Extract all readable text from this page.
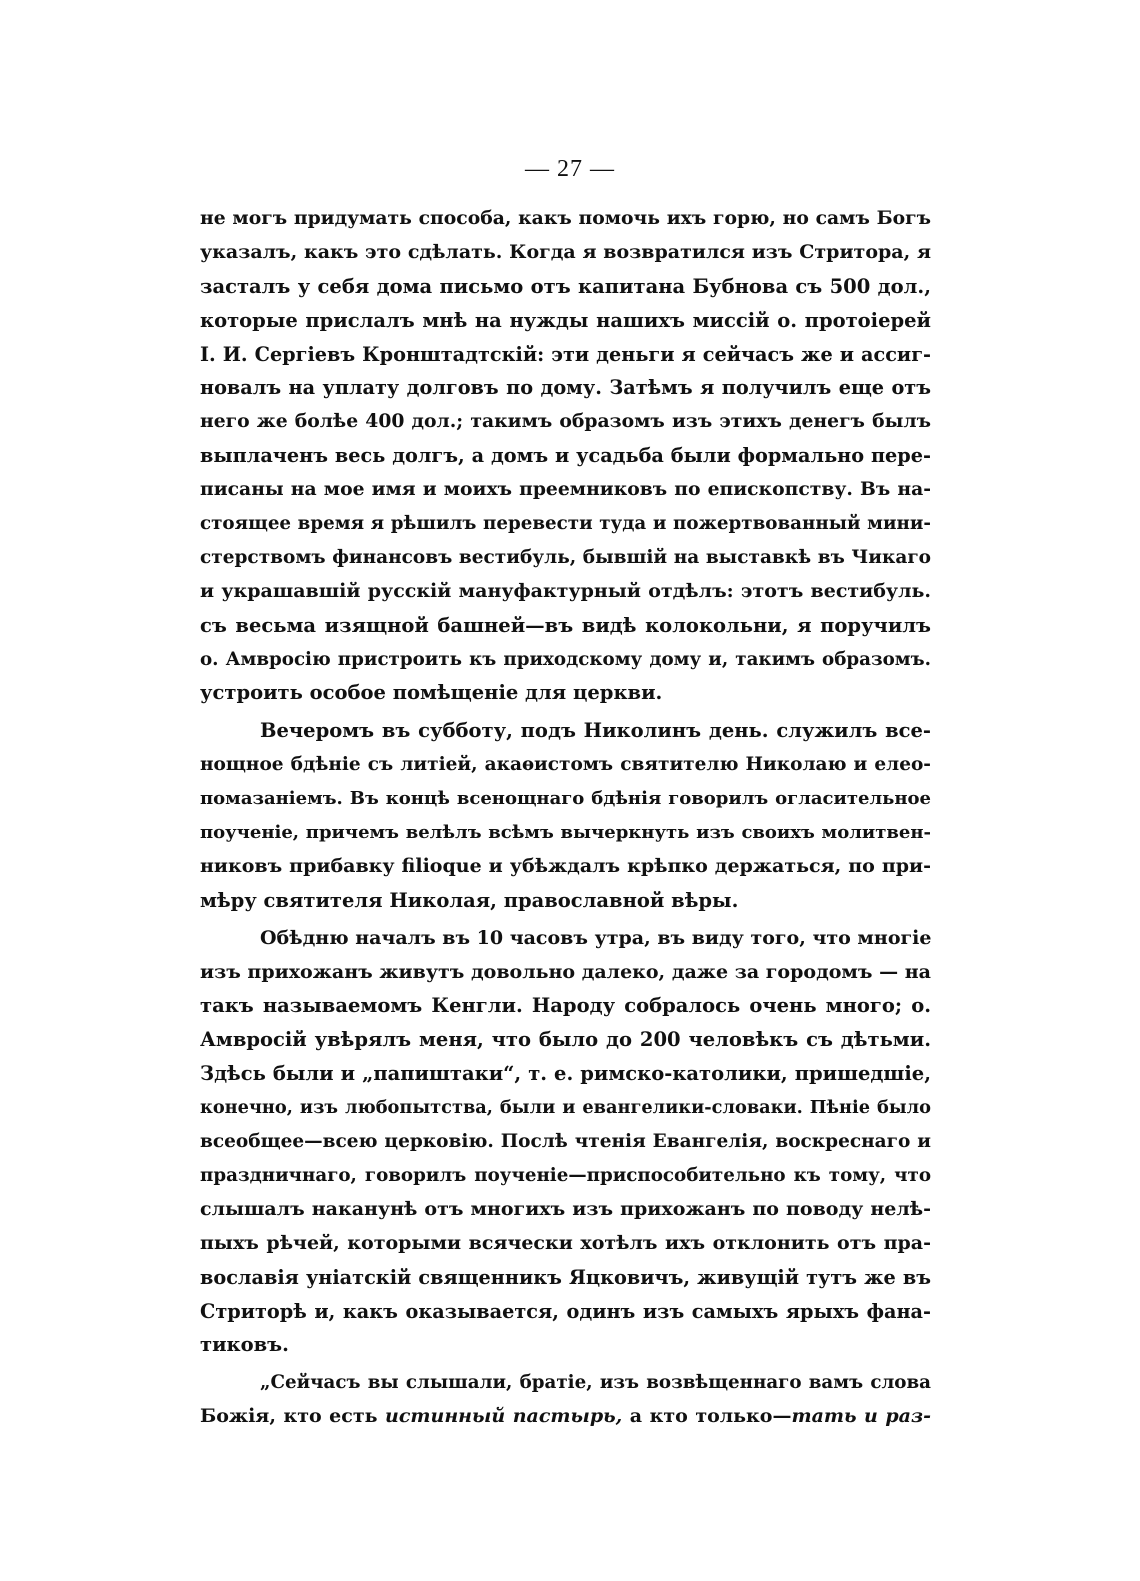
— 27 —
не могъ придумать способа, какъ помочь ихъ горю, но самъ Богъ
указалъ, какъ это сдѣлать. Когда я возвратился изъ Стритора, я
засталъ у себя дома письмо отъ капитана Бубнова съ 500 дол.,
которые прислалъ мнѣ на нужды нашихъ миссій о. протоіерей
І. И. Сергіевъ Кронштадтскій: эти деньги я сейчасъ же и ассиг-
новалъ на уплату долговъ по дому. Затѣмъ я получилъ еще отъ
него же болѣе 400 дол.; такимъ образомъ изъ этихъ денегъ былъ
выплаченъ весь долгъ, а домъ и усадьба были формально пере-
писаны на мое имя и моихъ преемниковъ по епископству. Въ на-
стоящее время я рѣшилъ перевести туда и пожертвованный мини-
стерствомъ финансовъ вестибуль, бывшій на выставкѣ въ Чикаго
и украшавшій русскій мануфактурный отдѣлъ: этотъ вестибуль.
съ весьма изящной башней—въ видѣ колокольни, я поручилъ
о. Амвросію пристроить къ приходскому дому и, такимъ образомъ.
устроить особое помѣщеніе для церкви.
Вечеромъ въ субботу, подъ Николинъ день. служилъ все-
нощное бдѣніе съ литіей, акаѳистомъ святителю Николаю и елео-
помазаніемъ. Въ концѣ всенощнаго бдѣнія говорилъ огласительное
поученіе, причемъ велѣлъ всѣмъ вычеркнуть изъ своихъ молитвен-
никовъ прибавку filioque и убѣждалъ крѣпко держаться, по при-
мѣру святителя Николая, православной вѣры.
Обѣдню началъ въ 10 часовъ утра, въ виду того, что многіе
изъ прихожанъ живутъ довольно далеко, даже за городомъ — на
такъ называемомъ Кенгли. Народу собралось очень много; о.
Амвросій увѣрялъ меня, что было до 200 человѣкъ съ дѣтьми.
Здѣсь были и „папиштаки“, т. е. римско-католики, пришедшіе,
конечно, изъ любопытства, были и евангелики-словаки. Пѣніе было
всеобщее—всею церковію. Послѣ чтенія Евангелія, воскреснаго и
праздничнаго, говорилъ поученіе—приспособительно къ тому, что
слышалъ наканунѣ отъ многихъ изъ прихожанъ по поводу нелѣ-
пыхъ рѣчей, которыми всячески хотѣлъ ихъ отклонить отъ пра-
вославія уніатскій священникъ Яцковичъ, живущій тутъ же въ
Стриторѣ и, какъ оказывается, одинъ изъ самыхъ ярыхъ фана-
тиковъ.
„Сейчасъ вы слышали, братіе, изъ возвѣщеннаго вамъ слова
Божія, кто есть истинный пастырь, а кто только—тать и раз-
